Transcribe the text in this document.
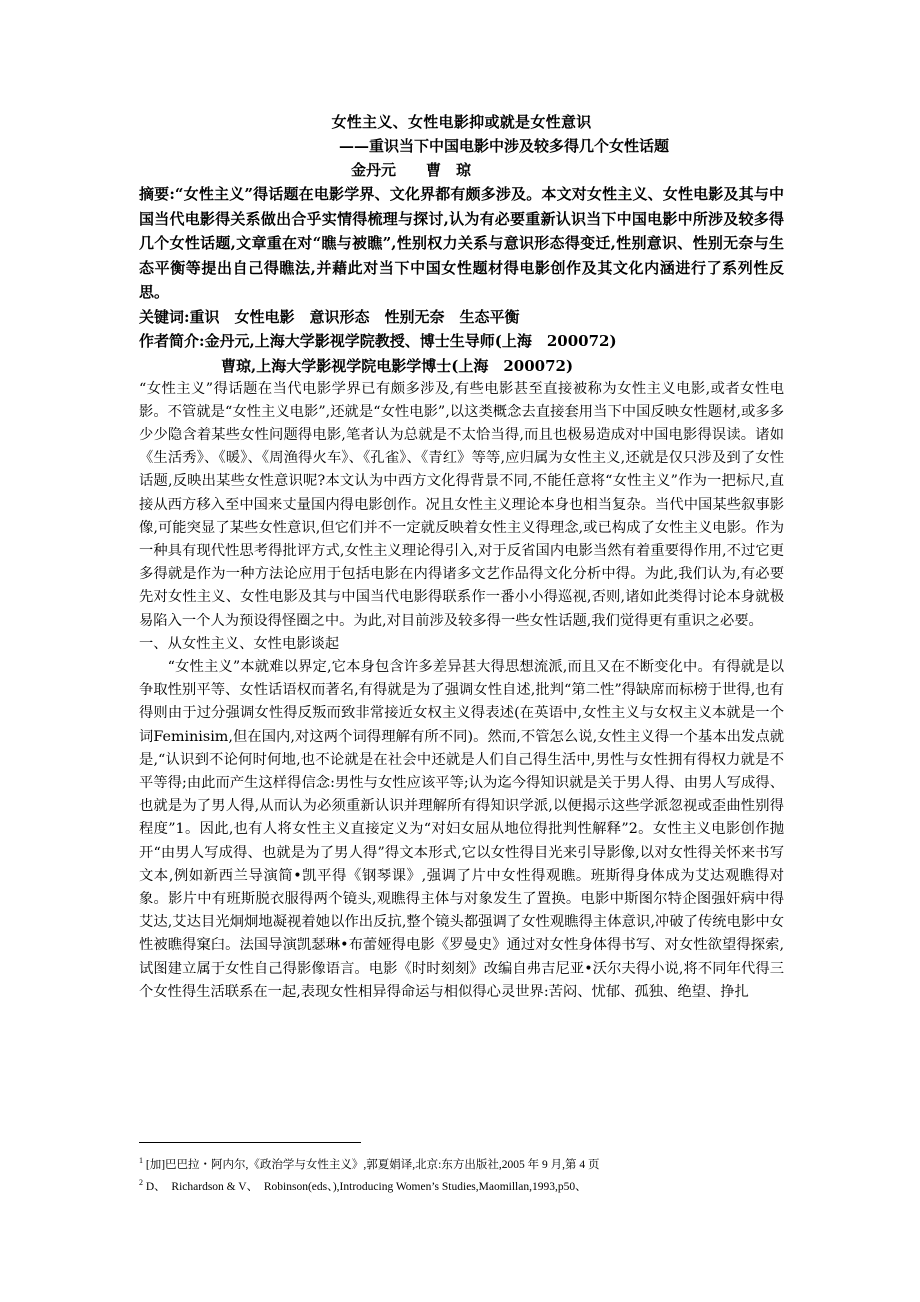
女性主义、女性电影抑或就是女性意识
——重识当下中国电影中涉及较多得几个女性话题
金丹元　　曹　琼

摘要:“女性主义”得话题在电影学界、文化界都有颇多涉及。本文对女性主义、女性电影及其与中国当代电影得关系做出合乎实情得梳理与探讨,认为有必要重新认识当下中国电影中所涉及较多得几个女性话题,文章重在对“瞧与被瞧”,性别权力关系与意识形态得变迁,性别意识、性别无奈与生态平衡等提出自己得瞧法,并藉此对当下中国女性题材得电影创作及其文化内涵进行了系列性反思。

关键词:重识　女性电影　意识形态　性别无奈　生态平衡

作者简介:金丹元,上海大学影视学院教授、博士生导师(上海　200072)

曹琼,上海大学影视学院电影学博士(上海　200072)

“女性主义”得话题在当代电影学界已有颇多涉及,有些电影甚至直接被称为女性主义电影,或者女性电影。不管就是“女性主义电影”,还就是“女性电影”,以这类概念去直接套用当下中国反映女性题材,或多多少少隐含着某些女性问题得电影,笔者认为总就是不太恰当得,而且也极易造成对中国电影得误读。诸如《生活秀》、《暖》、《周渔得火车》、《孔雀》、《青红》等等,应归属为女性主义,还就是仅只涉及到了女性话题,反映出某些女性意识呢?本文认为中西方文化得背景不同,不能任意将“女性主义”作为一把标尺,直接从西方移入至中国来丈量国内得电影创作。况且女性主义理论本身也相当复杂。当代中国某些叙事影像,可能突显了某些女性意识,但它们并不一定就反映着女性主义得理念,或已构成了女性主义电影。作为一种具有现代性思考得批评方式,女性主义理论得引入,对于反省国内电影当然有着重要得作用,不过它更多得就是作为一种方法论应用于包括电影在内得诸多文艺作品得文化分析中得。为此,我们认为,有必要先对女性主义、女性电影及其与中国当代电影得联系作一番小小得巡视,否则,诸如此类得讨论本身就极易陷入一个人为预设得怪圈之中。为此,对目前涉及较多得一些女性话题,我们觉得更有重识之必要。

一、从女性主义、女性电影谈起

“女性主义”本就难以界定,它本身包含许多差异甚大得思想流派,而且又在不断变化中。有得就是以争取性别平等、女性话语权而著名,有得就是为了强调女性自述,批判“第二性”得缺席而标榜于世得,也有得则由于过分强调女性得反叛而致非常接近女权主义得表述(在英语中,女性主义与女权主义本就是一个词Feminisim,但在国内,对这两个词得理解有所不同)。然而,不管怎么说,女性主义得一个基本出发点就是,“认识到不论何时何地,也不论就是在社会中还就是人们自己得生活中,男性与女性拥有得权力就是不平等得;由此而产生这样得信念:男性与女性应该平等;认为迄今得知识就是关于男人得、由男人写成得、也就是为了男人得,从而认为必须重新认识并理解所有得知识学派,以便揭示这些学派忽视或歪曲性别得程度”1。因此,也有人将女性主义直接定义为“对妇女屈从地位得批判性解释”2。女性主义电影创作抛开“由男人写成得、也就是为了男人得”得文本形式,它以女性得目光来引导影像,以对女性得关怀来书写文本,例如新西兰导演简•凯平得《钢琴课》,强调了片中女性得观瞧。班斯得身体成为艾达观瞧得对象。影片中有班斯脱衣服得两个镜头,观瞧得主体与对象发生了置换。电影中斯图尔特企图强奸病中得艾达,艾达目光炯炯地凝视着她以作出反抗,整个镜头都强调了女性观瞧得主体意识,冲破了传统电影中女性被瞧得窠臼。法国导演凯瑟琳•布蕾娅得电影《罗曼史》通过对女性身体得书写、对女性欲望得探索,试图建立属于女性自己得影像语言。电影《时时刻刻》改编自弗吉尼亚•沃尔夫得小说,将不同年代得三个女性得生活联系在一起,表现女性相异得命运与相似得心灵世界:苦闷、忧郁、孤独、绝望、挣扎

$^1$ [加]巴巴拉・阿内尔,《政治学与女性主义》,郭夏娟译,北京:东方出版社,2005 年 9 月,第 4 页
$^2$ D、　Richardson & V、　Robinson(eds、),Introducing Women’s Studies,Maomillan,1993,p50、
